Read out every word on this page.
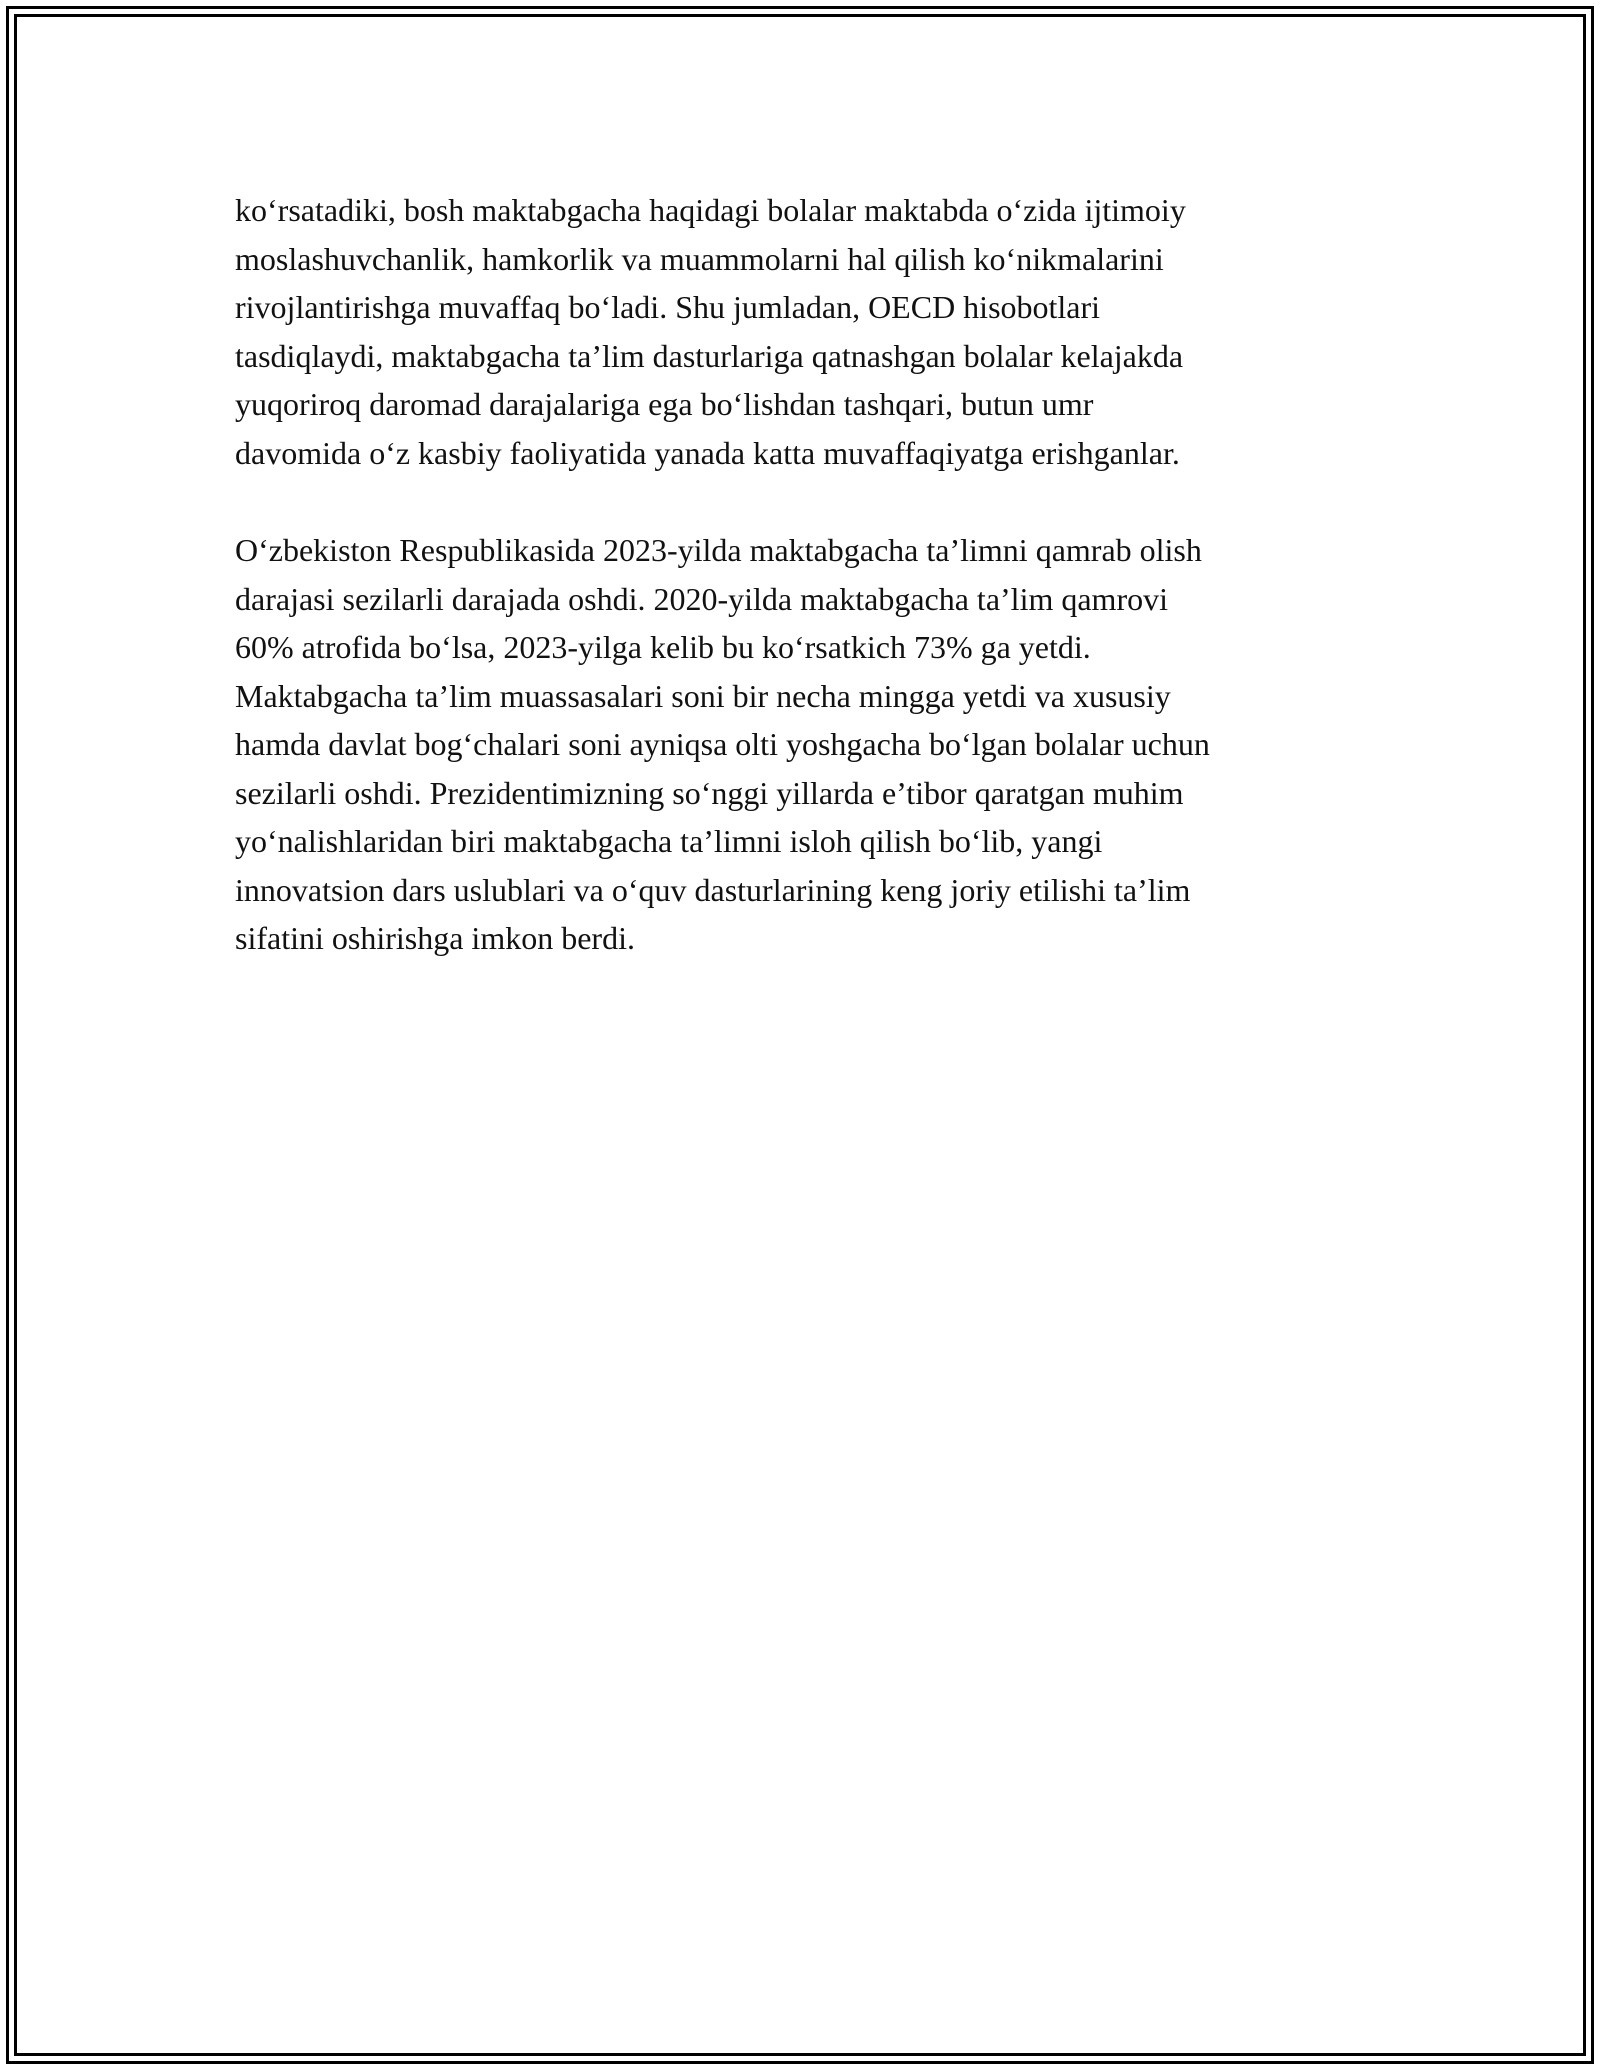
ko‘rsatadiki, bosh maktabgacha haqidagi bolalar maktabda o‘zida ijtimoiy
moslashuvchanlik, hamkorlik va muammolarni hal qilish ko‘nikmalarini
rivojlantirishga muvaffaq bo‘ladi. Shu jumladan, OECD hisobotlari
tasdiqlaydi, maktabgacha ta’lim dasturlariga qatnashgan bolalar kelajakda
yuqoriroq daromad darajalariga ega bo‘lishdan tashqari, butun umr
davomida o‘z kasbiy faoliyatida yanada katta muvaffaqiyatga erishganlar.
O‘zbekiston Respublikasida 2023-yilda maktabgacha ta’limni qamrab olish
darajasi sezilarli darajada oshdi. 2020-yilda maktabgacha ta’lim qamrovi
60% atrofida bo‘lsa, 2023-yilga kelib bu ko‘rsatkich 73% ga yetdi.
Maktabgacha ta’lim muassasalari soni bir necha mingga yetdi va xususiy
hamda davlat bog‘chalari soni ayniqsa olti yoshgacha bo‘lgan bolalar uchun
sezilarli oshdi. Prezidentimizning so‘nggi yillarda e’tibor qaratgan muhim
yo‘nalishlaridan biri maktabgacha ta’limni isloh qilish bo‘lib, yangi
innovatsion dars uslublari va o‘quv dasturlarining keng joriy etilishi ta’lim
sifatini oshirishga imkon berdi.
